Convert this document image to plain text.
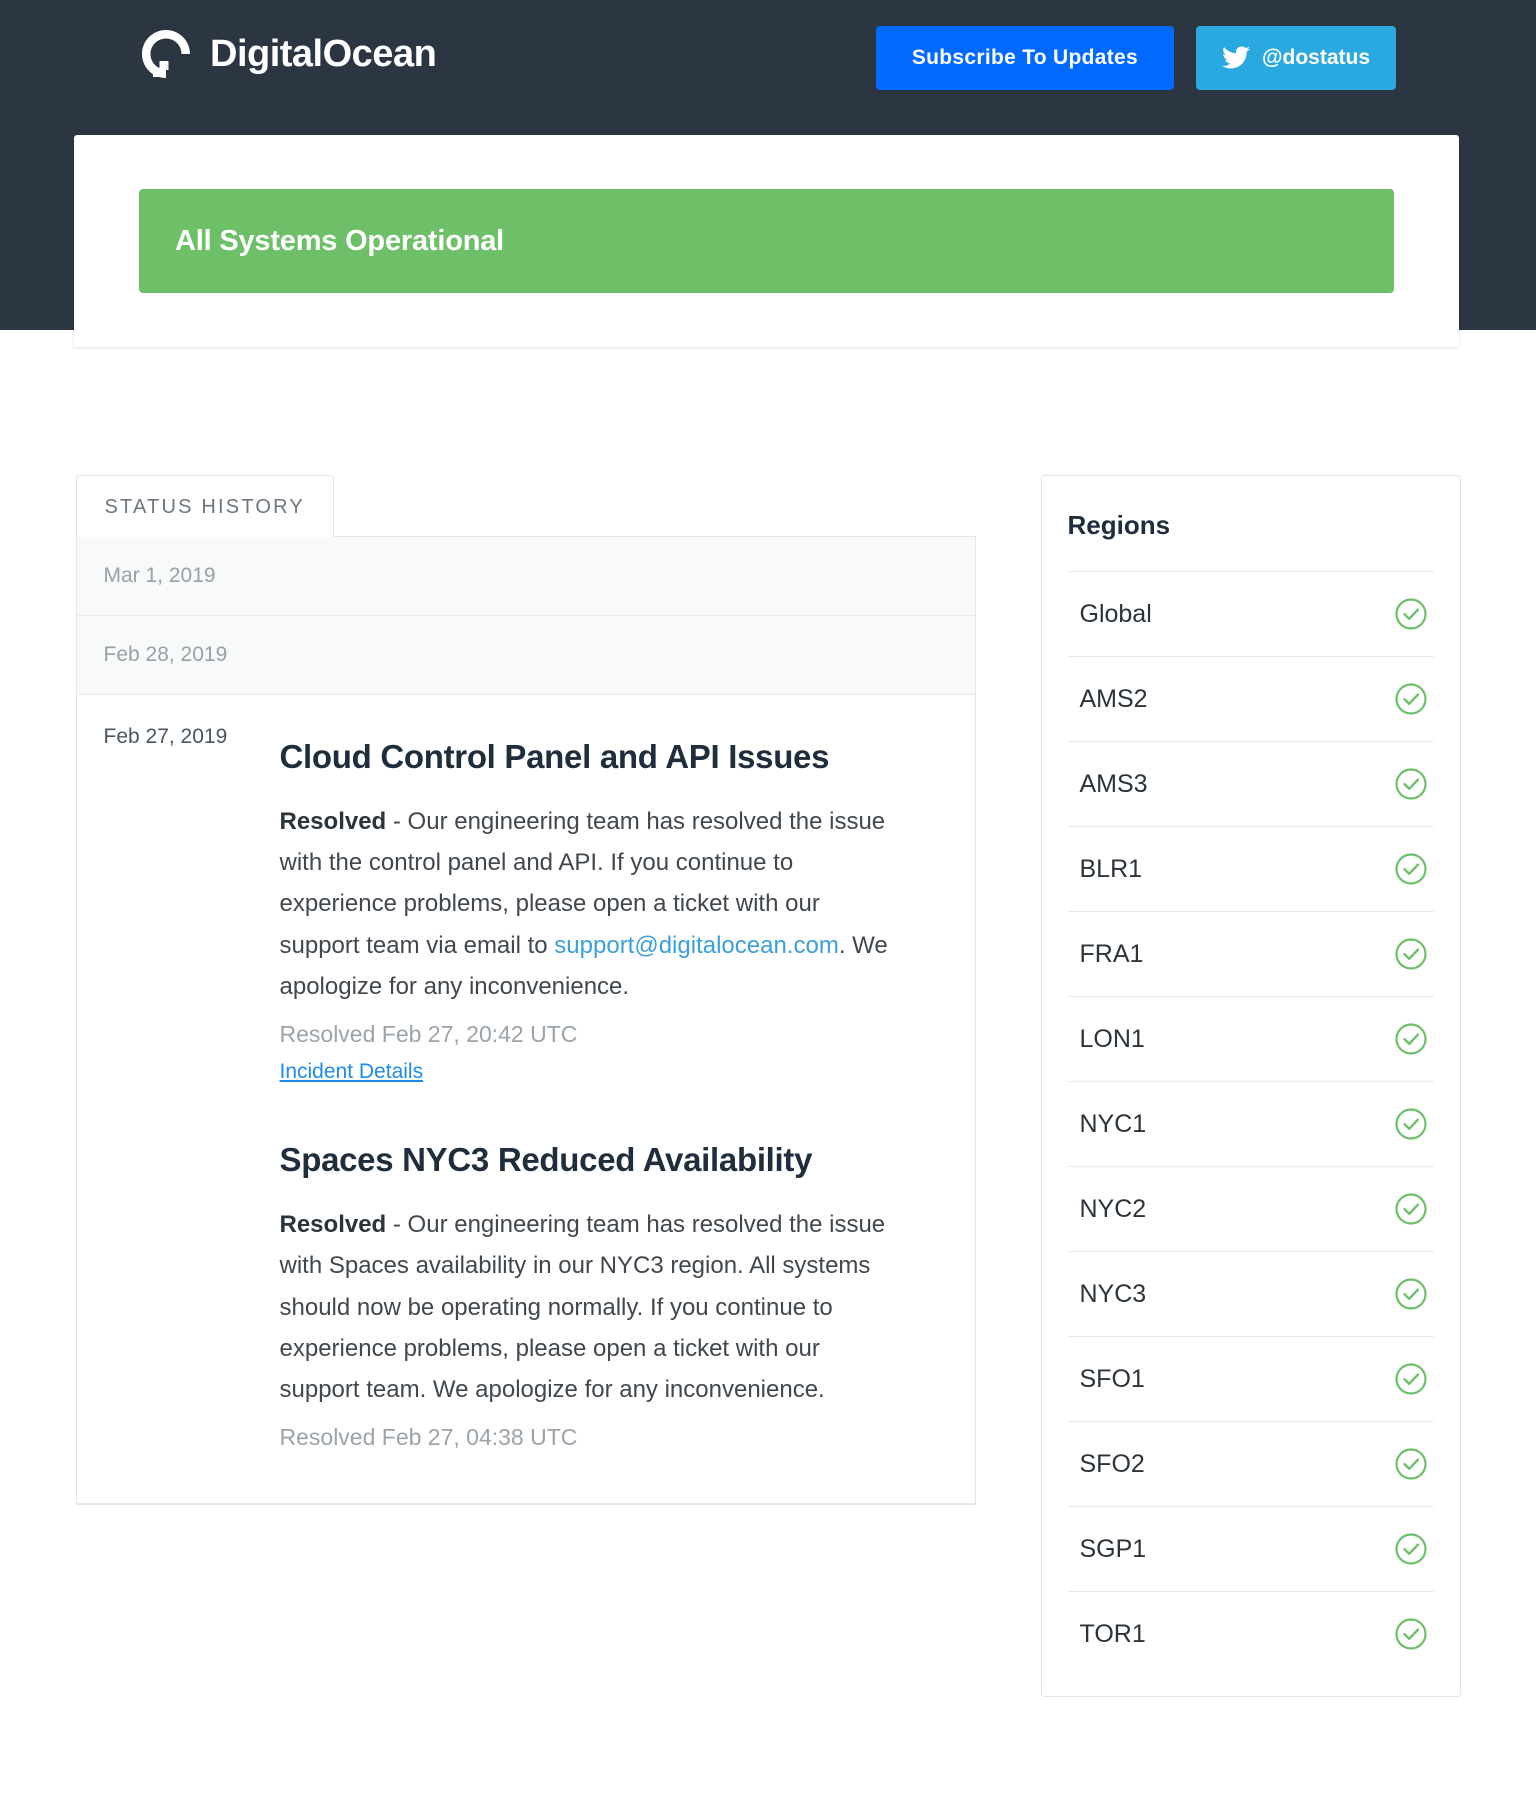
DigitalOcean	Subscribe To Updates	@dostatus
All Systems Operational
STATUS HISTORY
Mar 1, 2019
Feb 28, 2019
Feb 27, 2019
Cloud Control Panel and API Issues

Resolved - Our engineering team has resolved the issue with the control panel and API. If you continue to experience problems, please open a ticket with our support team via email to support@digitalocean.com. We apologize for any inconvenience.

Resolved Feb 27, 20:42 UTC
Incident Details
Spaces NYC3 Reduced Availability

Resolved - Our engineering team has resolved the issue with Spaces availability in our NYC3 region. All systems should now be operating normally. If you continue to experience problems, please open a ticket with our support team. We apologize for any inconvenience.

Resolved Feb 27, 04:38 UTC
Regions
Global
AMS2
AMS3
BLR1
FRA1
LON1
NYC1
NYC2
NYC3
SFO1
SFO2
SGP1
TOR1
